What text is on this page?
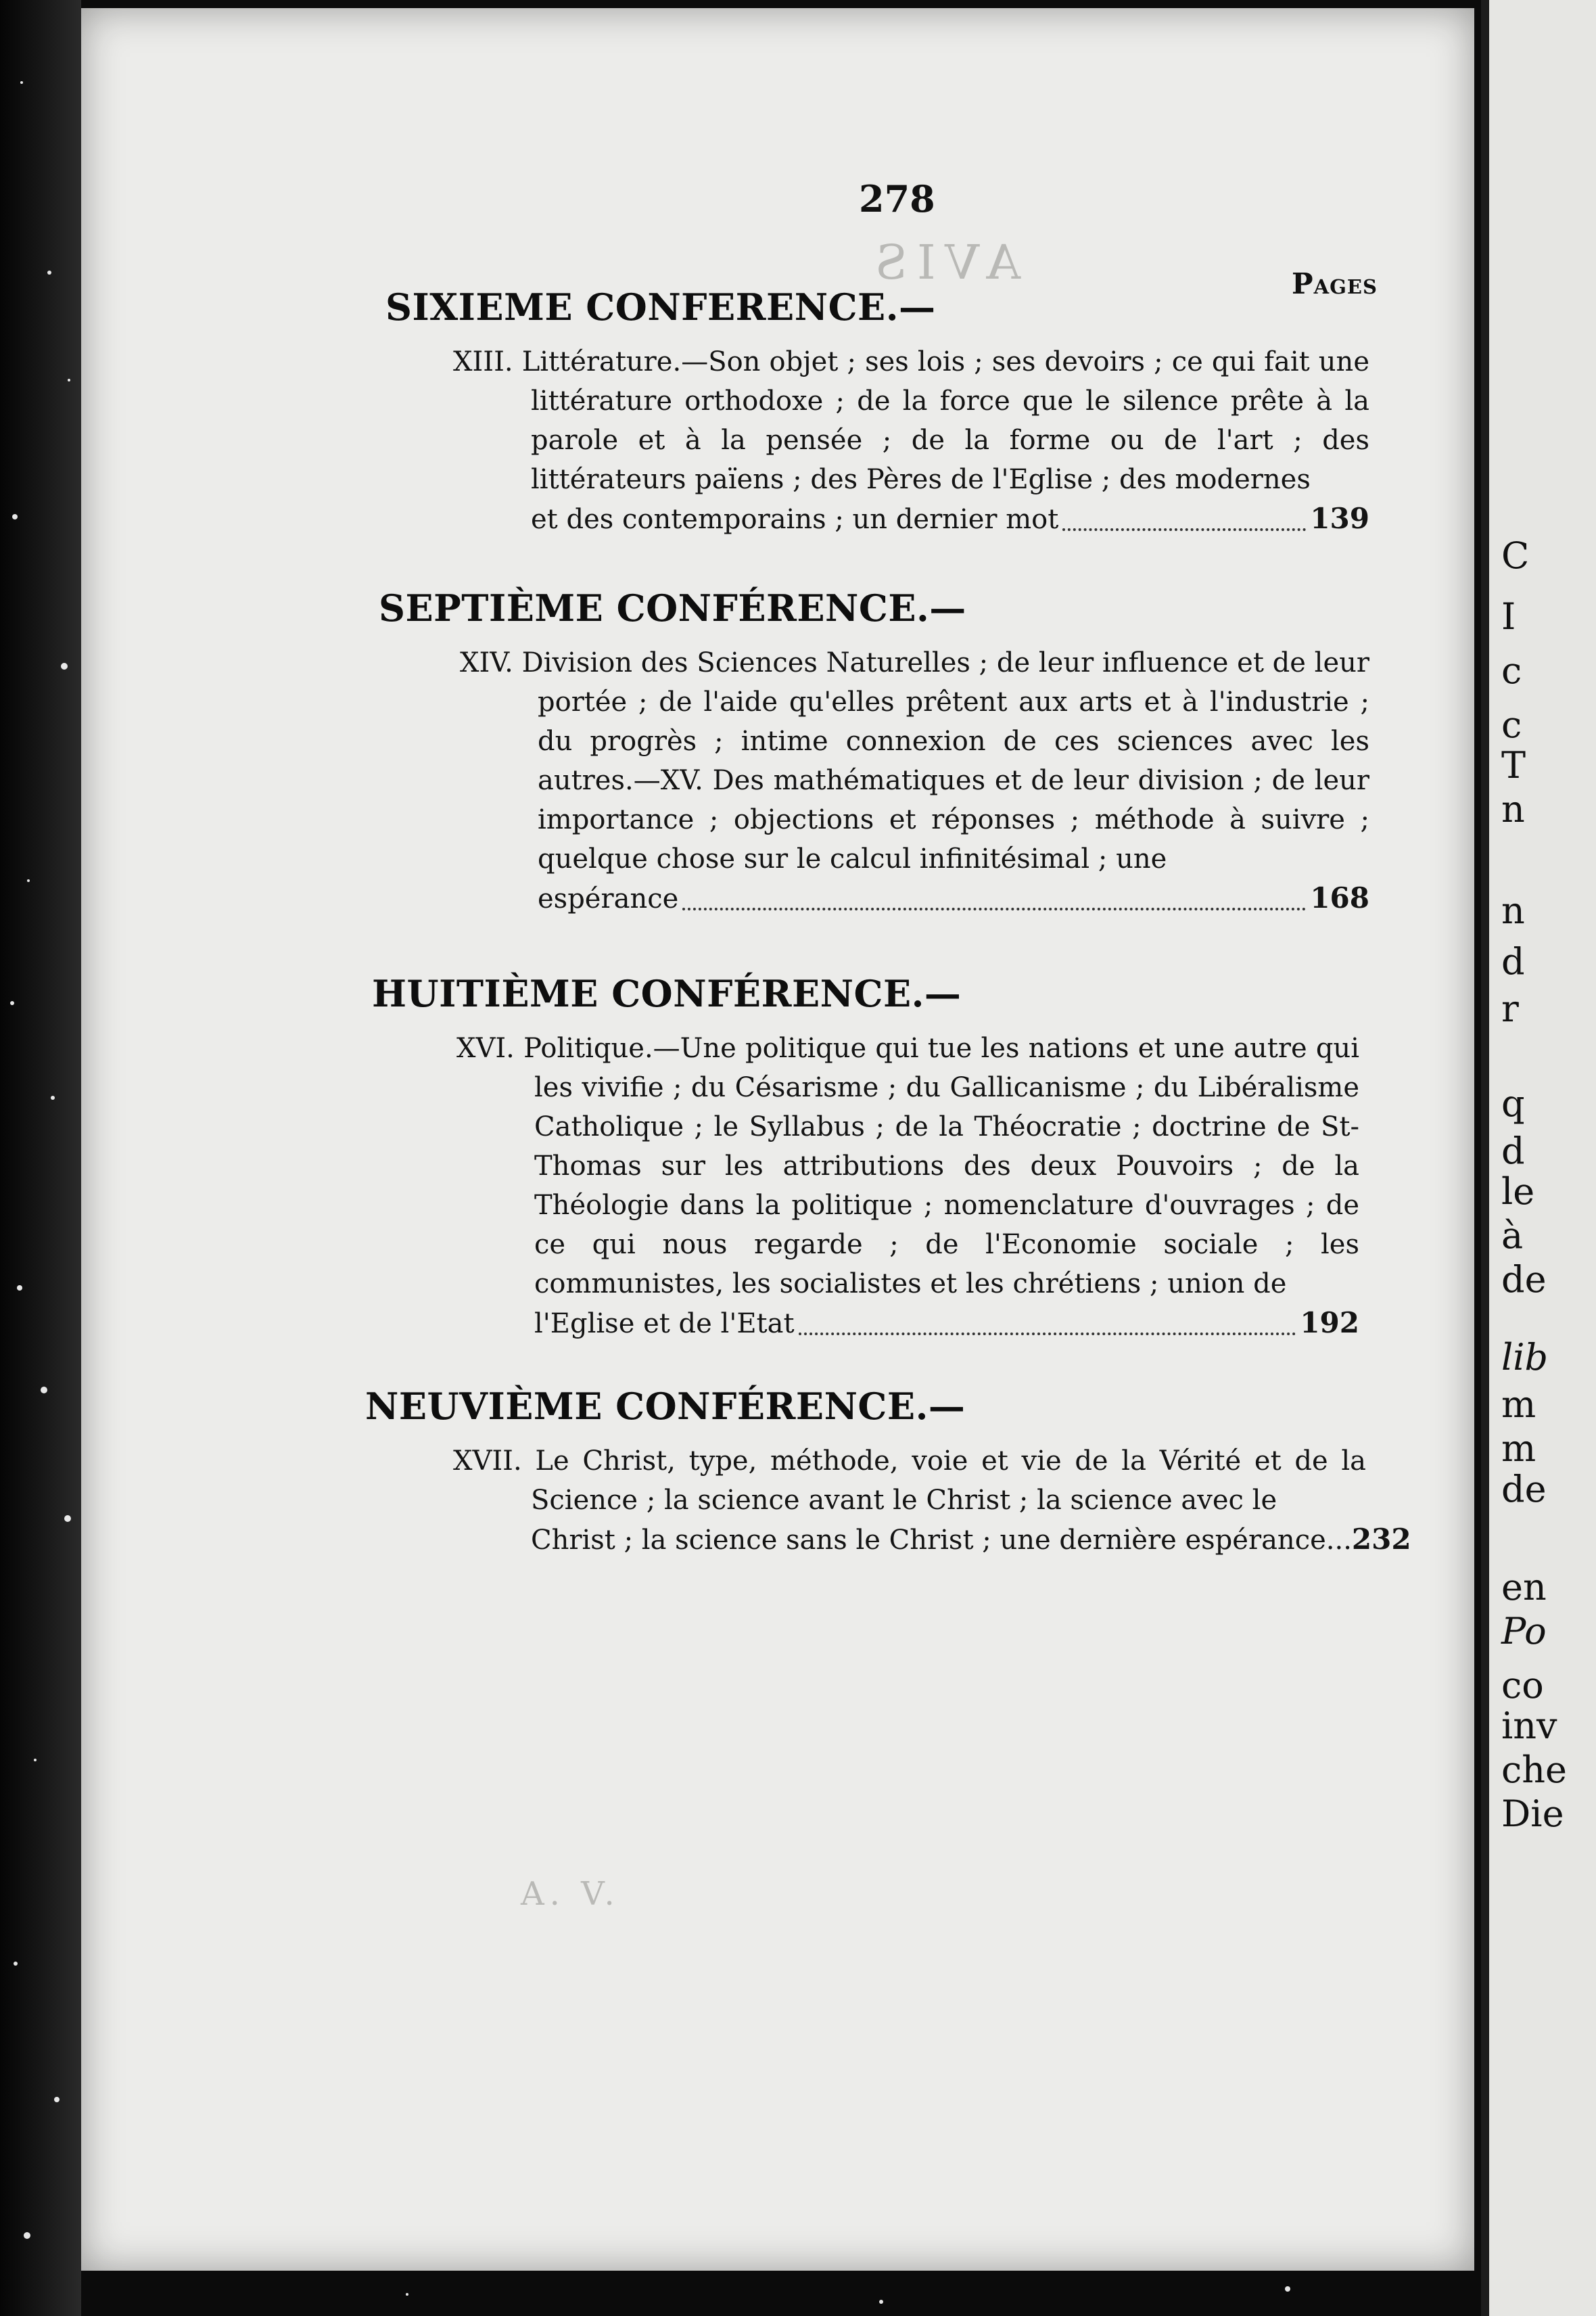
AVIS
A. V.
278
Pages
SIXIEME CONFERENCE.—
XIII. Littérature.—Son objet ; ses lois ; ses devoirs ; ce qui fait une littérature orthodoxe ; de la force que le silence prête à la parole et à la pensée ; de la forme ou de l'art ; des littérateurs païens ; des Pères de l'Eglise ; des modernes
et des contemporains ; un dernier mot	139
SEPTIÈME CONFÉRENCE.—
XIV. Division des Sciences Naturelles ; de leur influence et de leur portée ; de l'aide qu'elles prêtent aux arts et à l'industrie ; du progrès ; intime connexion de ces sciences avec les autres.—XV. Des mathématiques et de leur division ; de leur importance ; objections et réponses ; méthode à suivre ; quelque chose sur le calcul infinitésimal ; une
espérance	168
HUITIÈME CONFÉRENCE.—
XVI. Politique.—Une politique qui tue les nations et une autre qui les vivifie ; du Césarisme ; du Gallicanisme ; du Libéralisme Catholique ; le Syllabus ; de la Théocratie ; doctrine de St-Thomas sur les attributions des deux Pouvoirs ; de la Théologie dans la politique ; nomenclature d'ouvrages ; de ce qui nous regarde ; de l'Economie sociale ; les communistes, les socialistes et les chrétiens ; union de
l'Eglise et de l'Etat	192
NEUVIÈME CONFÉRENCE.—
XVII. Le Christ, type, méthode, voie et vie de la Vérité et de la Science ; la science avant le Christ ; la science avec le
Christ ; la science sans le Christ ; une dernière espérance... 232
C
I
c
c
T
n
n
d
r
q
d
le
à
de
lib
m
m
de
en
Po
co
inv
che
Die
